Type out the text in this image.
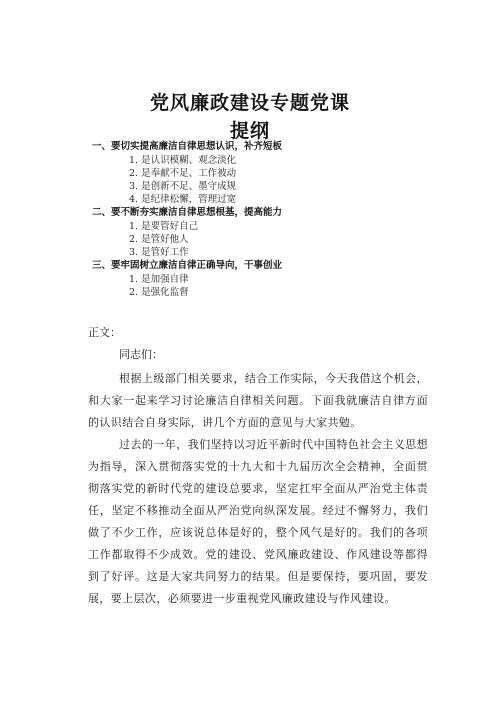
党风廉政建设专题党课
提纲
一、要切实提高廉洁自律思想认识，补齐短板
1. 是认识模糊、观念淡化
2. 是奉献不足、工作被动
3. 是创新不足、墨守成规
4. 是纪律松懈，管理过宽
二、要不断夯实廉洁自律思想根基，提高能力
1. 是要管好自己
2. 是管好他人
3. 是管好工作
三、要牢固树立廉洁自律正确导向，干事创业
1. 是加强自律
2. 是强化监督
正文：
同志们：
根据上级部门相关要求，结合工作实际，今天我借这个机会，和大家一起来学习讨论廉洁自律相关问题。下面我就廉洁自律方面的认识结合自身实际，讲几个方面的意见与大家共勉。
过去的一年，我们坚持以习近平新时代中国特色社会主义思想为指导，深入贯彻落实党的十九大和十九届历次全会精神，全面贯彻落实党的新时代党的建设总要求，坚定扛牢全面从严治党主体责任，坚定不移推动全面从严治党向纵深发展。经过不懈努力，我们做了不少工作，应该说总体是好的，整个风气是好的。我们的各项工作都取得不少成效。党的建设、党风廉政建设、作风建设等都得到了好评。这是大家共同努力的结果。但是要保持，要巩固，要发展，要上层次，必须要进一步重视党风廉政建设与作风建设。
